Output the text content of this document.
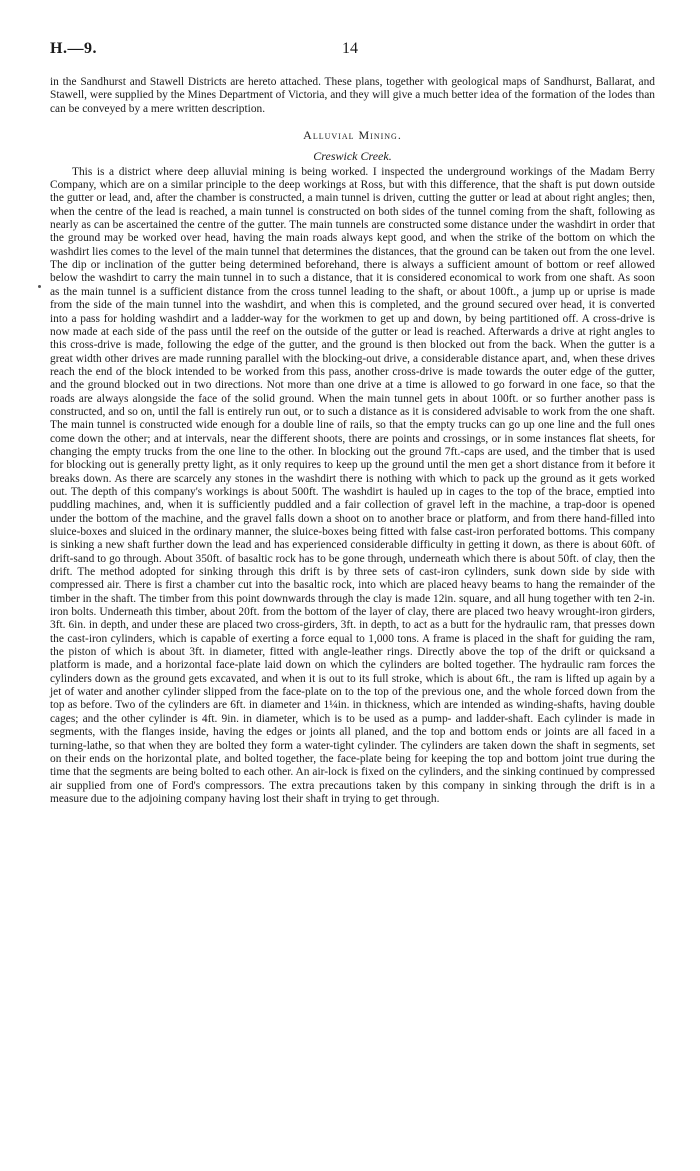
H.—9.	14

in the Sandhurst and Stawell Districts are hereto attached. These plans, together with geological maps of Sandhurst, Ballarat, and Stawell, were supplied by the Mines Department of Victoria, and they will give a much better idea of the formation of the lodes than can be conveyed by a mere written description.

Alluvial Mining.

Creswick Creek.

This is a district where deep alluvial mining is being worked. I inspected the underground workings of the Madam Berry Company, which are on a similar principle to the deep workings at Ross, but with this difference, that the shaft is put down outside the gutter or lead, and, after the chamber is constructed, a main tunnel is driven, cutting the gutter or lead at about right angles; then, when the centre of the lead is reached, a main tunnel is constructed on both sides of the tunnel coming from the shaft, following as nearly as can be ascertained the centre of the gutter. The main tunnels are constructed some distance under the washdirt in order that the ground may be worked over head, having the main roads always kept good, and when the strike of the bottom on which the washdirt lies comes to the level of the main tunnel that determines the distances, that the ground can be taken out from the one level. The dip or inclination of the gutter being determined beforehand, there is always a sufficient amount of bottom or reef allowed below the washdirt to carry the main tunnel in to such a distance, that it is considered economical to work from one shaft. As soon as the main tunnel is a sufficient distance from the cross tunnel leading to the shaft, or about 100ft., a jump up or uprise is made from the side of the main tunnel into the washdirt, and when this is completed, and the ground secured over head, it is converted into a pass for holding washdirt and a ladder-way for the workmen to get up and down, by being partitioned off. A cross-drive is now made at each side of the pass until the reef on the outside of the gutter or lead is reached. Afterwards a drive at right angles to this cross-drive is made, following the edge of the gutter, and the ground is then blocked out from the back. When the gutter is a great width other drives are made running parallel with the blocking-out drive, a considerable distance apart, and, when these drives reach the end of the block intended to be worked from this pass, another cross-drive is made towards the outer edge of the gutter, and the ground blocked out in two directions. Not more than one drive at a time is allowed to go forward in one face, so that the roads are always alongside the face of the solid ground. When the main tunnel gets in about 100ft. or so further another pass is constructed, and so on, until the fall is entirely run out, or to such a distance as it is considered advisable to work from the one shaft. The main tunnel is constructed wide enough for a double line of rails, so that the empty trucks can go up one line and the full ones come down the other; and at intervals, near the different shoots, there are points and crossings, or in some instances flat sheets, for changing the empty trucks from the one line to the other. In blocking out the ground 7ft.-caps are used, and the timber that is used for blocking out is generally pretty light, as it only requires to keep up the ground until the men get a short distance from it before it breaks down. As there are scarcely any stones in the washdirt there is nothing with which to pack up the ground as it gets worked out. The depth of this company's workings is about 500ft. The washdirt is hauled up in cages to the top of the brace, emptied into puddling machines, and, when it is sufficiently puddled and a fair collection of gravel left in the machine, a trap-door is opened under the bottom of the machine, and the gravel falls down a shoot on to another brace or platform, and from there hand-filled into sluice-boxes and sluiced in the ordinary manner, the sluice-boxes being fitted with false cast-iron perforated bottoms. This company is sinking a new shaft further down the lead and has experienced considerable difficulty in getting it down, as there is about 60ft. of drift-sand to go through. About 350ft. of basaltic rock has to be gone through, underneath which there is about 50ft. of clay, then the drift. The method adopted for sinking through this drift is by three sets of cast-iron cylinders, sunk down side by side with compressed air. There is first a chamber cut into the basaltic rock, into which are placed heavy beams to hang the remainder of the timber in the shaft. The timber from this point downwards through the clay is made 12in. square, and all hung together with ten 2-in. iron bolts. Underneath this timber, about 20ft. from the bottom of the layer of clay, there are placed two heavy wrought-iron girders, 3ft. 6in. in depth, and under these are placed two cross-girders, 3ft. in depth, to act as a butt for the hydraulic ram, that presses down the cast-iron cylinders, which is capable of exerting a force equal to 1,000 tons. A frame is placed in the shaft for guiding the ram, the piston of which is about 3ft. in diameter, fitted with angle-leather rings. Directly above the top of the drift or quicksand a platform is made, and a horizontal face-plate laid down on which the cylinders are bolted together. The hydraulic ram forces the cylinders down as the ground gets excavated, and when it is out to its full stroke, which is about 6ft., the ram is lifted up again by a jet of water and another cylinder slipped from the face-plate on to the top of the previous one, and the whole forced down from the top as before. Two of the cylinders are 6ft. in diameter and 1¼in. in thickness, which are intended as winding-shafts, having double cages; and the other cylinder is 4ft. 9in. in diameter, which is to be used as a pump- and ladder-shaft. Each cylinder is made in segments, with the flanges inside, having the edges or joints all planed, and the top and bottom ends or joints are all faced in a turning-lathe, so that when they are bolted they form a water-tight cylinder. The cylinders are taken down the shaft in segments, set on their ends on the horizontal plate, and bolted together, the face-plate being for keeping the top and bottom joint true during the time that the segments are being bolted to each other. An air-lock is fixed on the cylinders, and the sinking continued by compressed air supplied from one of Ford's compressors. The extra precautions taken by this company in sinking through the drift is in a measure due to the adjoining company having lost their shaft in trying to get through.
